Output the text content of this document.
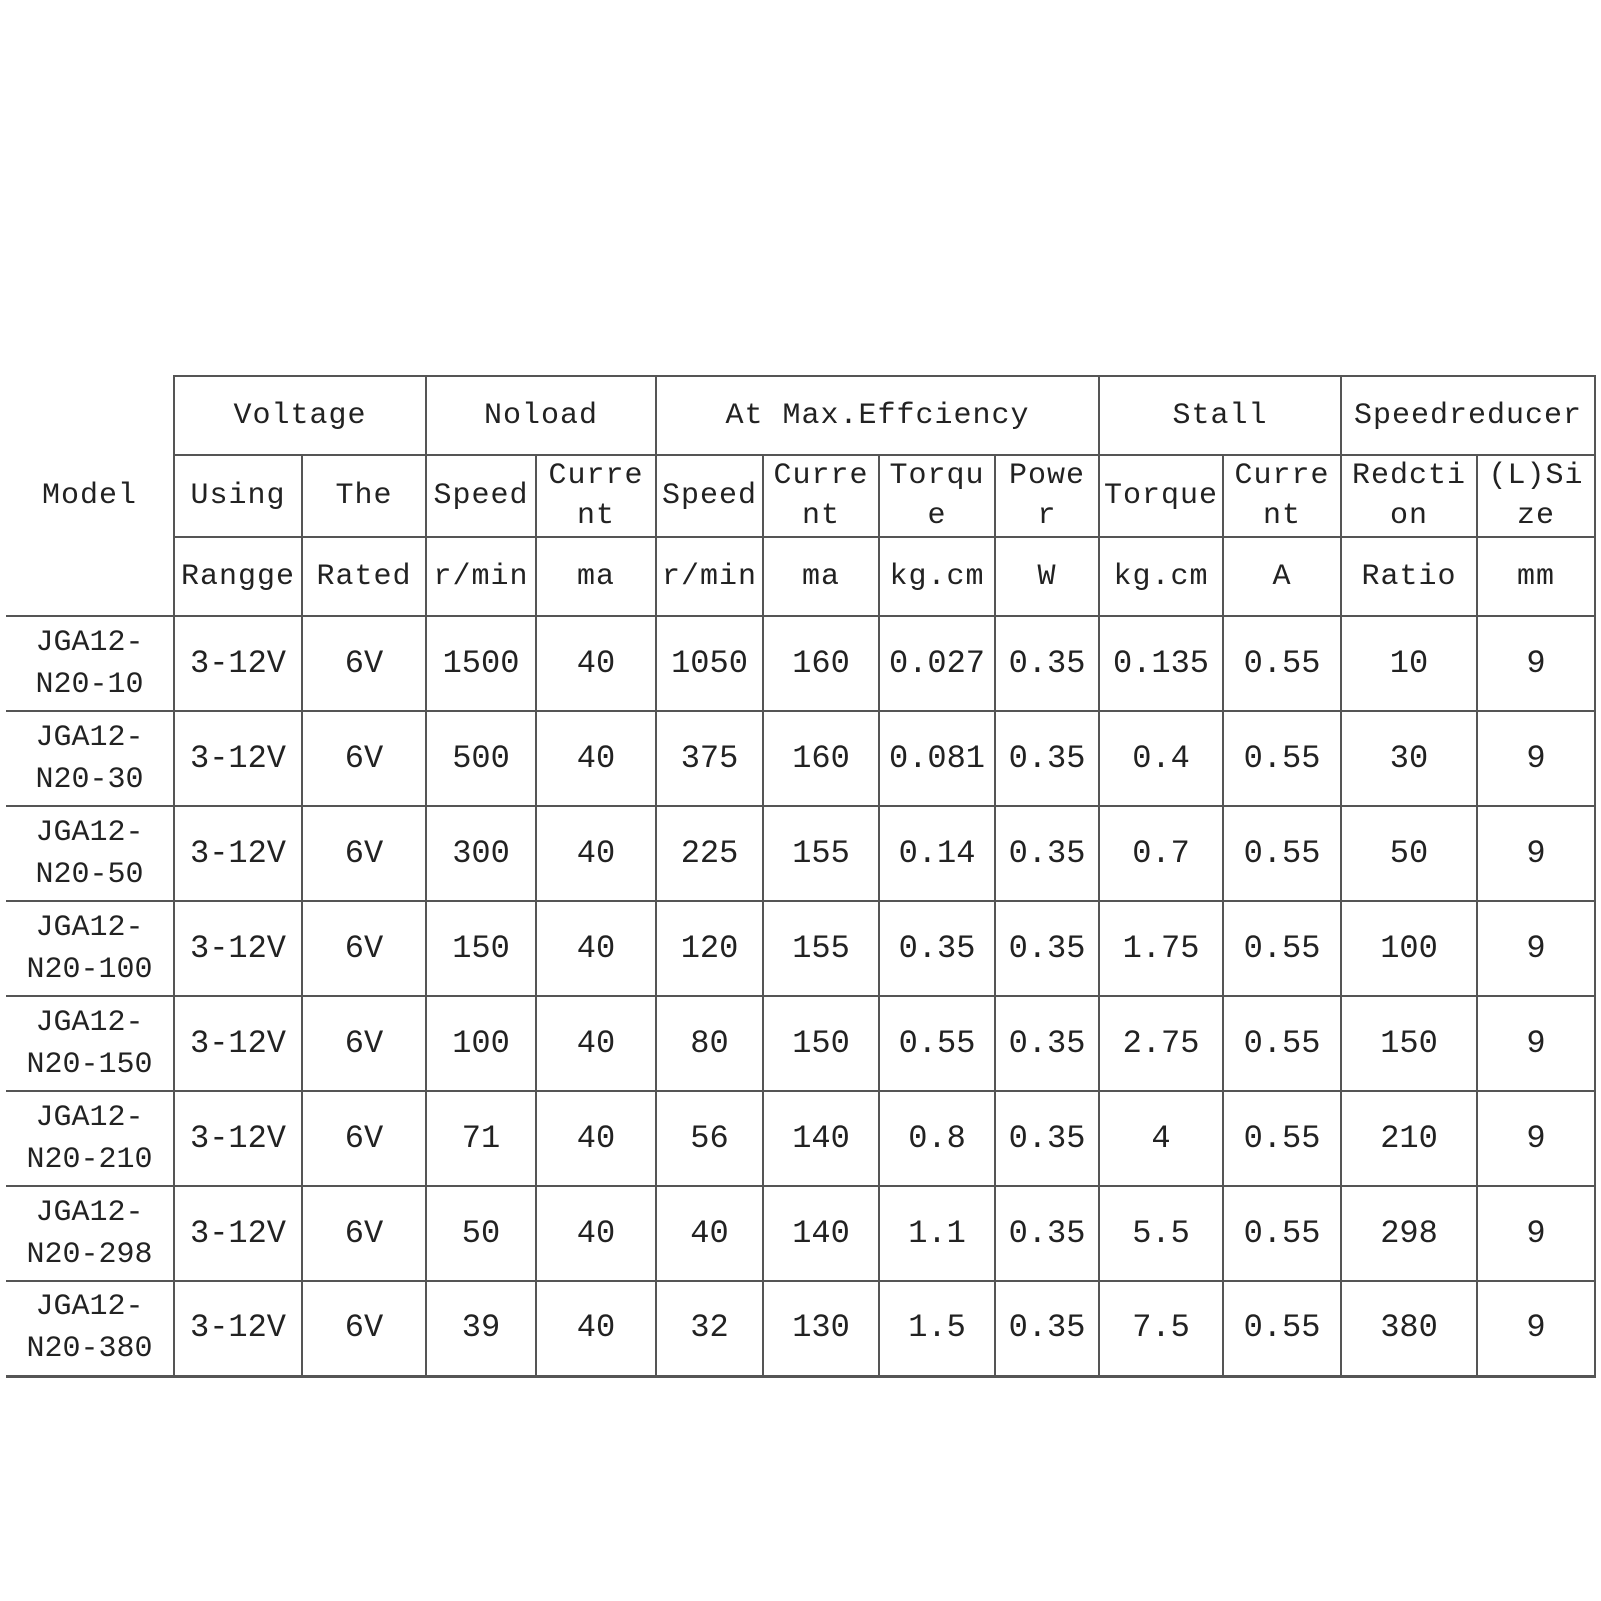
Model	Voltage		Noload		At Max.Effciency				Stall		Speedreducer	
	Using	The	Speed	Curre nt	Speed	Curre nt	Torqu e	Powe r	Torque	Curre nt	Redcti on	(L)Si ze
	Rangge	Rated	r/min	ma	r/min	ma	kg.cm	W	kg.cm	A	Ratio	mm

JGA12-
N20-10	3-12V	6V	1500	40	1050	160	0.027	0.35	0.135	0.55	10	9

JGA12-
N20-30	3-12V	6V	500	40	375	160	0.081	0.35	0.4	0.55	30	9

JGA12-
N20-50	3-12V	6V	300	40	225	155	0.14	0.35	0.7	0.55	50	9

JGA12-
N20-100	3-12V	6V	150	40	120	155	0.35	0.35	1.75	0.55	100	9

JGA12-
N20-150	3-12V	6V	100	40	80	150	0.55	0.35	2.75	0.55	150	9

JGA12-
N20-210	3-12V	6V	71	40	56	140	0.8	0.35	4	0.55	210	9

JGA12-
N20-298	3-12V	6V	50	40	40	140	1.1	0.35	5.5	0.55	298	9

JGA12-
N20-380	3-12V	6V	39	40	32	130	1.5	0.35	7.5	0.55	380	9
